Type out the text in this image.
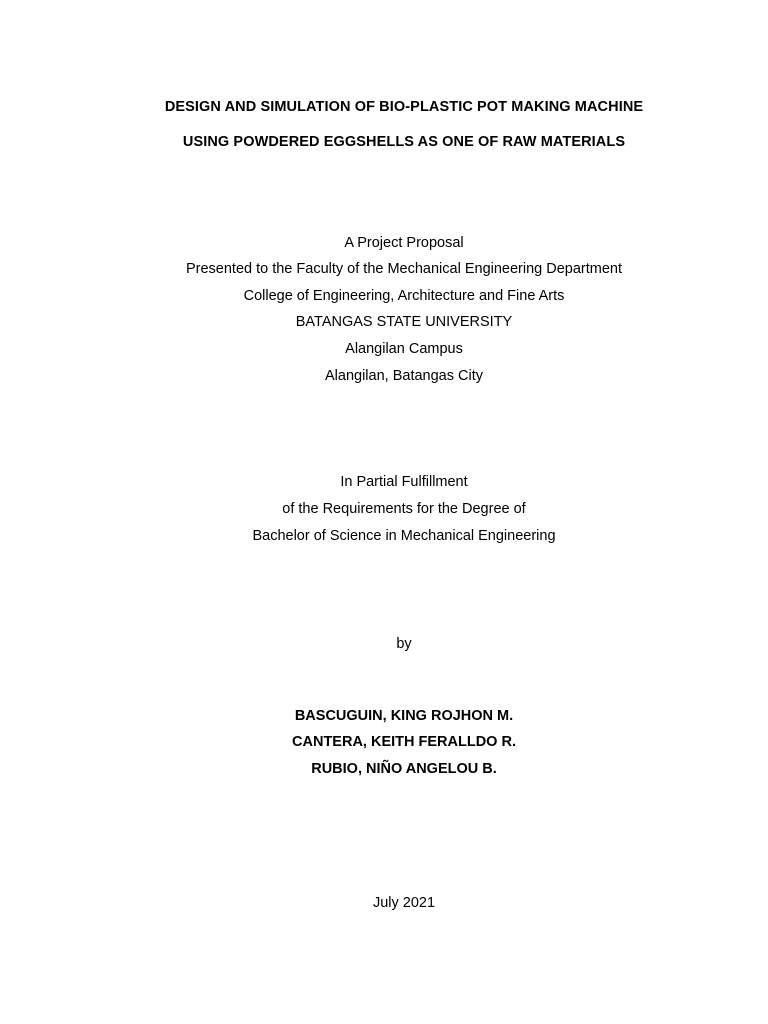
DESIGN AND SIMULATION OF BIO-PLASTIC POT MAKING MACHINE

USING POWDERED EGGSHELLS AS ONE OF RAW MATERIALS

A Project Proposal

Presented to the Faculty of the Mechanical Engineering Department

College of Engineering, Architecture and Fine Arts

BATANGAS STATE UNIVERSITY

Alangilan Campus

Alangilan, Batangas City

In Partial Fulfillment

of the Requirements for the Degree of

Bachelor of Science in Mechanical Engineering

by

BASCUGUIN, KING ROJHON M.

CANTERA, KEITH FERALLDO R.

RUBIO, NIÑO ANGELOU B.

July 2021
